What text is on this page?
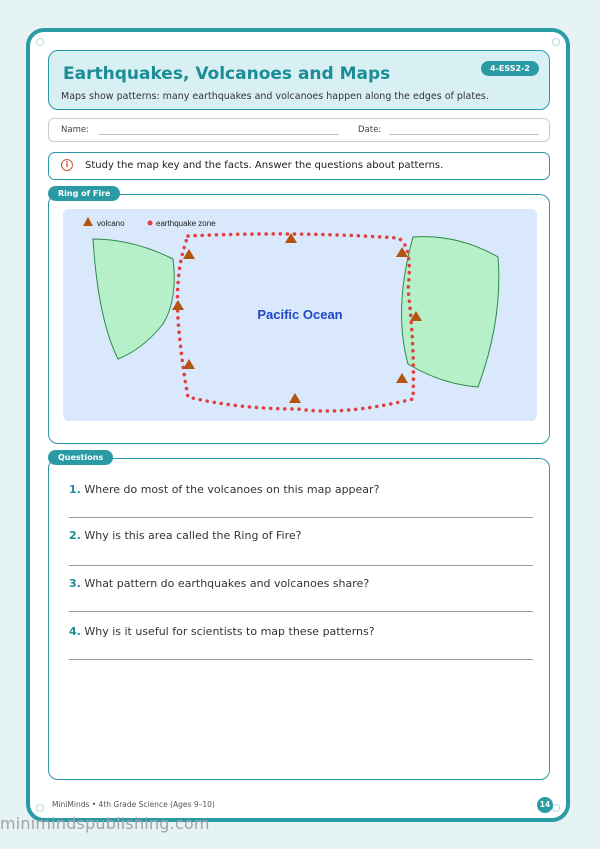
Earthquakes, Volcanoes and Maps	4-ESS2-2
Maps show patterns: many earthquakes and volcanoes happen along the edges of plates.
Name:	Date:
i	Study the map key and the facts. Answer the questions about patterns.
Ring of Fire
volcano	earthquake zone
Pacific Ocean
Questions
1. Where do most of the volcanoes on this map appear?
2. Why is this area called the Ring of Fire?
3. What pattern do earthquakes and volcanoes share?
4. Why is it useful for scientists to map these patterns?
MiniMinds • 4th Grade Science (Ages 9–10)	14
minimindspublishing.com
